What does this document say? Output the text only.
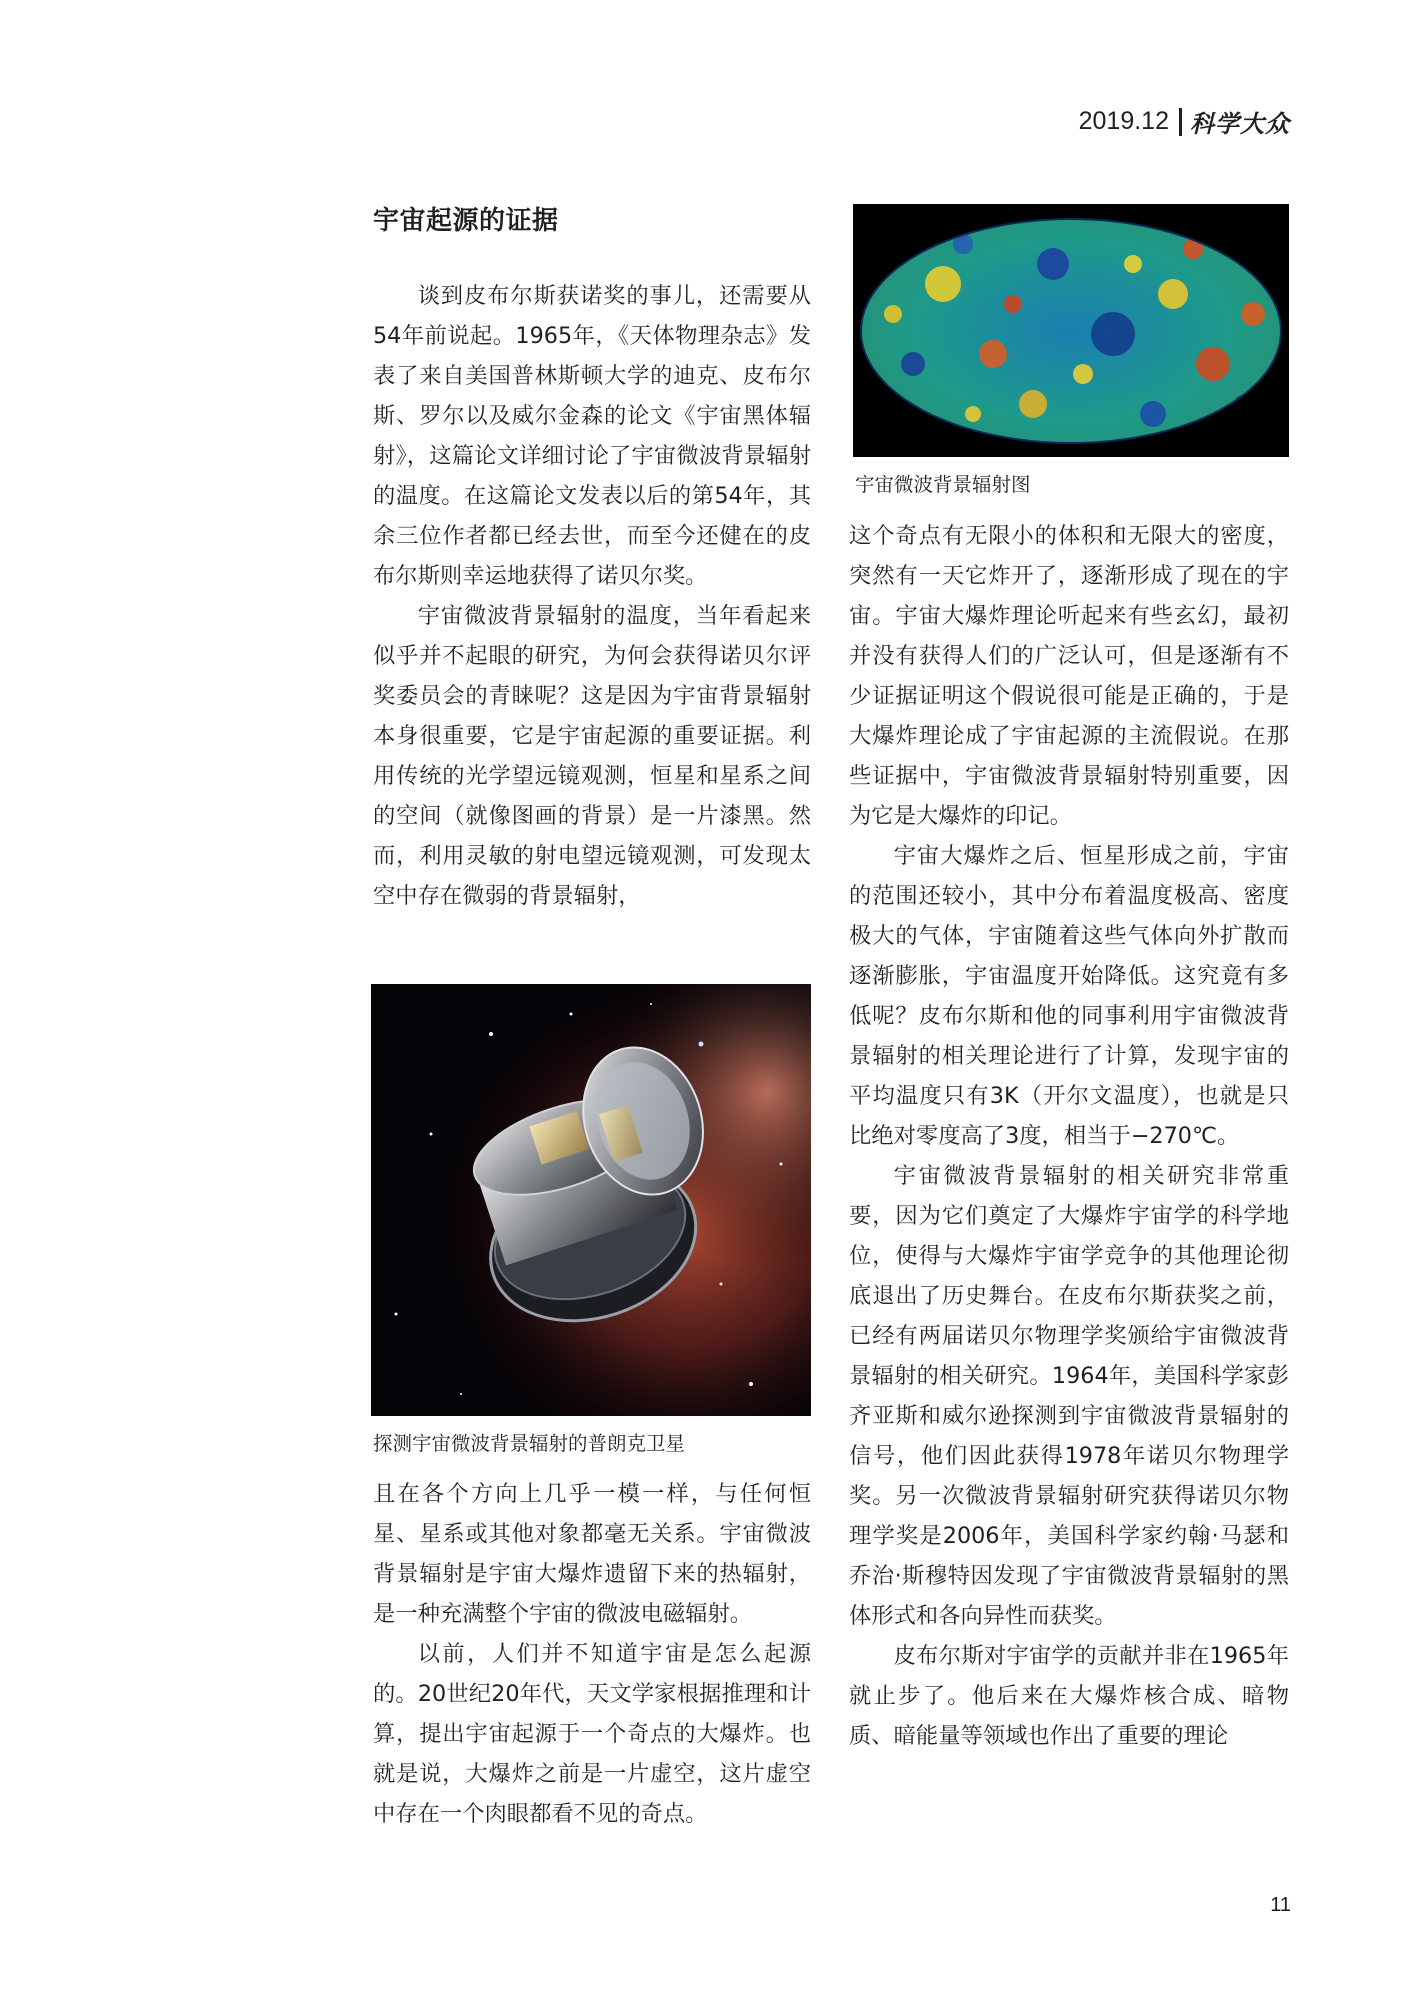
2019.12 科学大众
宇宙起源的证据

谈到皮布尔斯获诺奖的事儿，还需要从54年前说起。1965年，《天体物理杂志》发表了来自美国普林斯顿大学的迪克、皮布尔斯、罗尔以及威尔金森的论文《宇宙黑体辐射》，这篇论文详细讨论了宇宙微波背景辐射的温度。在这篇论文发表以后的第54年，其余三位作者都已经去世，而至今还健在的皮布尔斯则幸运地获得了诺贝尔奖。

宇宙微波背景辐射的温度，当年看起来似乎并不起眼的研究，为何会获得诺贝尔评奖委员会的青睐呢？这是因为宇宙背景辐射本身很重要，它是宇宙起源的重要证据。利用传统的光学望远镜观测，恒星和星系之间的空间（就像图画的背景）是一片漆黑。然而，利用灵敏的射电望远镜观测，可发现太空中存在微弱的背景辐射，

探测宇宙微波背景辐射的普朗克卫星

且在各个方向上几乎一模一样，与任何恒星、星系或其他对象都毫无关系。宇宙微波背景辐射是宇宙大爆炸遗留下来的热辐射，是一种充满整个宇宙的微波电磁辐射。

以前，人们并不知道宇宙是怎么起源的。20世纪20年代，天文学家根据推理和计算，提出宇宙起源于一个奇点的大爆炸。也就是说，大爆炸之前是一片虚空，这片虚空中存在一个肉眼都看不见的奇点。

宇宙微波背景辐射图

这个奇点有无限小的体积和无限大的密度，突然有一天它炸开了，逐渐形成了现在的宇宙。宇宙大爆炸理论听起来有些玄幻，最初并没有获得人们的广泛认可，但是逐渐有不少证据证明这个假说很可能是正确的，于是大爆炸理论成了宇宙起源的主流假说。在那些证据中，宇宙微波背景辐射特别重要，因为它是大爆炸的印记。

宇宙大爆炸之后、恒星形成之前，宇宙的范围还较小，其中分布着温度极高、密度极大的气体，宇宙随着这些气体向外扩散而逐渐膨胀，宇宙温度开始降低。这究竟有多低呢？皮布尔斯和他的同事利用宇宙微波背景辐射的相关理论进行了计算，发现宇宙的平均温度只有3K（开尔文温度），也就是只比绝对零度高了3度，相当于−270℃。

宇宙微波背景辐射的相关研究非常重要，因为它们奠定了大爆炸宇宙学的科学地位，使得与大爆炸宇宙学竞争的其他理论彻底退出了历史舞台。在皮布尔斯获奖之前，已经有两届诺贝尔物理学奖颁给宇宙微波背景辐射的相关研究。1964年，美国科学家彭齐亚斯和威尔逊探测到宇宙微波背景辐射的信号，他们因此获得1978年诺贝尔物理学奖。另一次微波背景辐射研究获得诺贝尔物理学奖是2006年，美国科学家约翰·马瑟和乔治·斯穆特因发现了宇宙微波背景辐射的黑体形式和各向异性而获奖。

皮布尔斯对宇宙学的贡献并非在1965年就止步了。他后来在大爆炸核合成、暗物质、暗能量等领域也作出了重要的理论

11
